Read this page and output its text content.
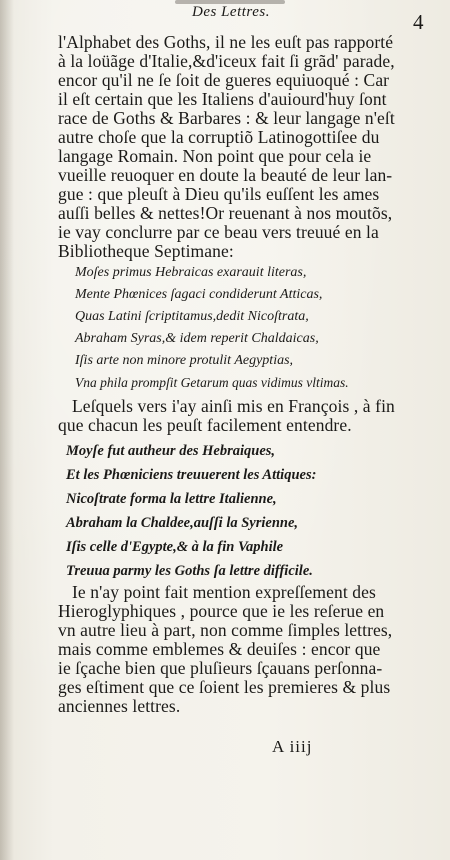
Des Lettres.	4
l'Alphabet des Goths, il ne les euſt pas rapporté
à la loüãge d'Italie,&d'iceux fait ſi grãd' parade,
encor qu'il ne ſe ſoit de gueres equiuoqué : Car
il eſt certain que les Italiens d'auiourd'huy ſont
race de Goths & Barbares : & leur langage n'eſt
autre choſe que la corruptiõ Latinogottiſee du
langage Romain. Non point que pour cela ie
vueille reuoquer en doute la beauté de leur lan-
gue : que pleuſt à Dieu qu'ils euſſent les ames
auſſi belles & nettes!Or reuenant à nos moutõs,
ie vay conclurre par ce beau vers treuué en la
Bibliotheque Septimane:
Moſes primus Hebraicas exarauit literas,
Mente Phœnices ſagaci condiderunt Atticas,
Quas Latini ſcriptitamus,dedit Nicoſtrata,
Abraham Syras,& idem reperit Chaldaicas,
Iſis arte non minore protulit Aegyptias,
Vna phila prompſit Getarum quas vidimus vltimas.
Leſquels vers i'ay ainſi mis en François , à fin
que chacun les peuſt facilement entendre.
Moyſe fut autheur des Hebraiques,
Et les Phœniciens treuuerent les Attiques:
Nicoſtrate forma la lettre Italienne,
Abraham la Chaldee,auſſi la Syrienne,
Iſis celle d'Egypte,& à la fin Vaphile
Treuua parmy les Goths ſa lettre difficile.
Ie n'ay point fait mention expreſſement des
Hieroglyphiques , pource que ie les reſerue en
vn autre lieu à part, non comme ſimples lettres,
mais comme emblemes & deuiſes : encor que
ie ſçache bien que pluſieurs ſçauans perſonna-
ges eſtiment que ce ſoient les premieres & plus
anciennes lettres.
A iiij
